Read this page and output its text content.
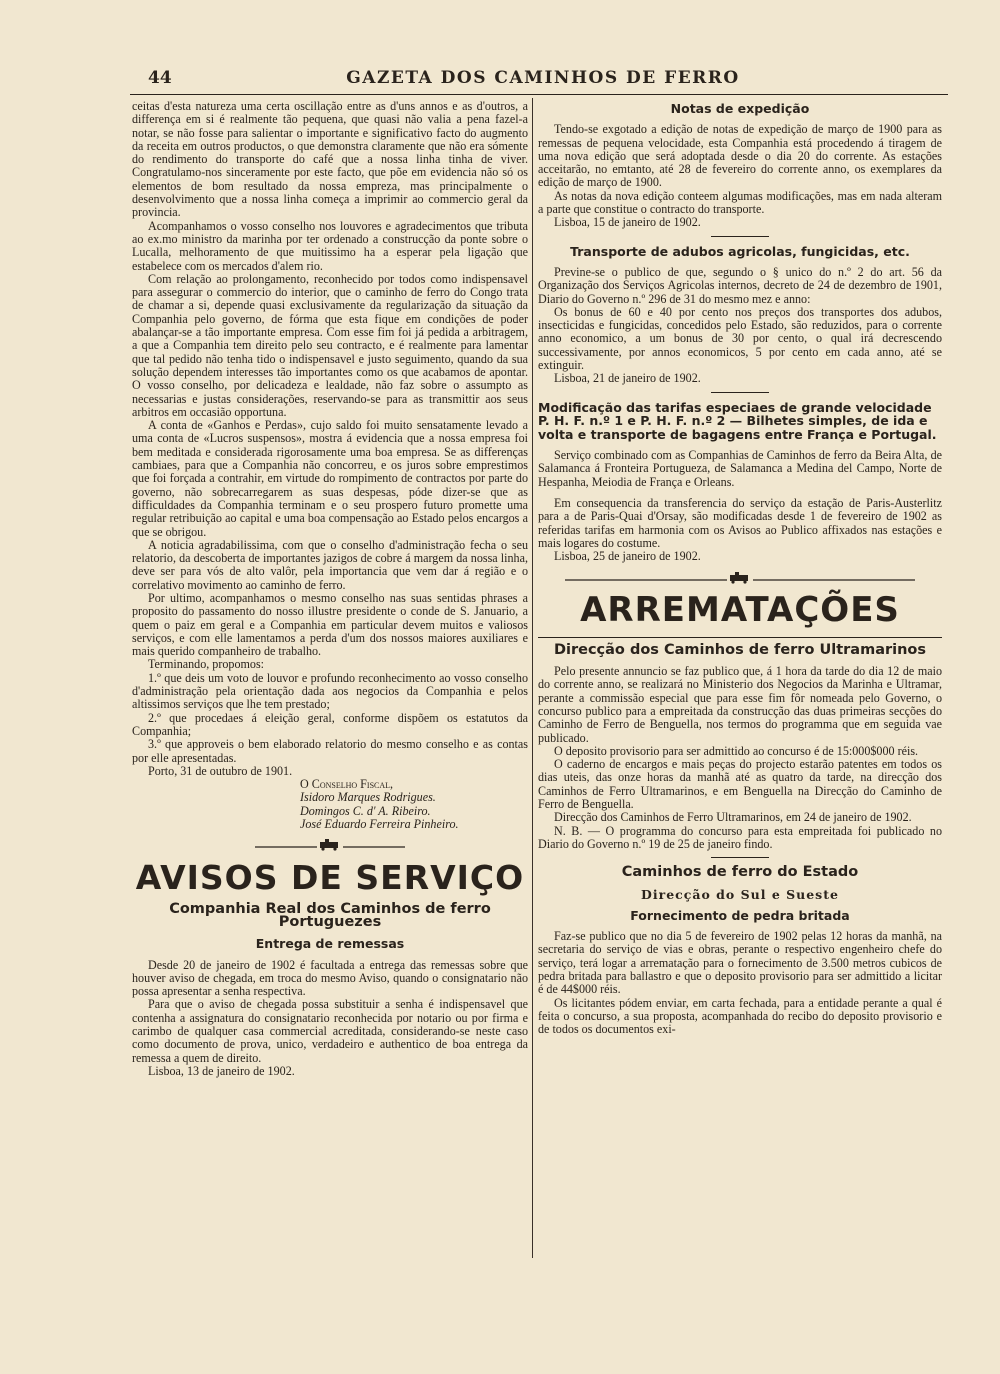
44	GAZETA DOS CAMINHOS DE FERRO

ceitas d'esta natureza uma certa oscillação entre as d'uns annos e as d'outros, a differença em si é realmente tão pequena, que quasi não valia a pena fazel-a notar, se não fosse para salientar o importante e significativo facto do augmento da receita em outros productos, o que demonstra claramente que não era sómente do rendimento do transporte do café que a nossa linha tinha de viver. Congratulamo-nos sinceramente por este facto, que põe em evidencia não só os elementos de bom resultado da nossa empreza, mas principalmente o desenvolvimento que a nossa linha começa a imprimir ao commercio geral da provincia.

Acompanhamos o vosso conselho nos louvores e agradecimentos que tributa ao ex.mo ministro da marinha por ter ordenado a construcção da ponte sobre o Lucalla, melhoramento de que muitissimo ha a esperar pela ligação que estabelece com os mercados d'alem rio.

Com relação ao prolongamento, reconhecido por todos como indispensavel para assegurar o commercio do interior, que o caminho de ferro do Congo trata de chamar a si, depende quasi exclusivamente da regularização da situação da Companhia pelo governo, de fórma que esta fique em condições de poder abalançar-se a tão importante empresa. Com esse fim foi já pedida a arbitragem, a que a Companhia tem direito pelo seu contracto, e é realmente para lamentar que tal pedido não tenha tido o indispensavel e justo seguimento, quando da sua solução dependem interesses tão importantes como os que acabamos de apontar. O vosso conselho, por delicadeza e lealdade, não faz sobre o assumpto as necessarias e justas considerações, reservando-se para as transmittir aos seus arbitros em occasião opportuna.

A conta de «Ganhos e Perdas», cujo saldo foi muito sensatamente levado a uma conta de «Lucros suspensos», mostra á evidencia que a nossa empresa foi bem meditada e considerada rigorosamente uma boa empresa. Se as differenças cambiaes, para que a Companhia não concorreu, e os juros sobre emprestimos que foi forçada a contrahir, em virtude do rompimento de contractos por parte do governo, não sobrecarregarem as suas despesas, póde dizer-se que as difficuldades da Companhia terminam e o seu prospero futuro promette uma regular retribuição ao capital e uma boa compensação ao Estado pelos encargos a que se obrigou.

A noticia agradabilissima, com que o conselho d'administração fecha o seu relatorio, da descoberta de importantes jazigos de cobre á margem da nossa linha, deve ser para vós de alto valôr, pela importancia que vem dar á região e o correlativo movimento ao caminho de ferro.

Por ultimo, acompanhamos o mesmo conselho nas suas sentidas phrases a proposito do passamento do nosso illustre presidente o conde de S. Januario, a quem o paiz em geral e a Companhia em particular devem muitos e valiosos serviços, e com elle lamentamos a perda d'um dos nossos maiores auxiliares e mais querido companheiro de trabalho.

Terminando, propomos:

1.º que deis um voto de louvor e profundo reconhecimento ao vosso conselho d'administração pela orientação dada aos negocios da Companhia e pelos altissimos serviços que lhe tem prestado;

2.º que procedaes á eleição geral, conforme dispõem os estatutos da Companhia;

3.º que approveis o bem elaborado relatorio do mesmo conselho e as contas por elle apresentadas.

Porto, 31 de outubro de 1901.

O Conselho Fiscal,
Isidoro Marques Rodrigues.
Domingos C. d' A. Ribeiro.
José Eduardo Ferreira Pinheiro.
AVISOS DE SERVIÇO
Companhia Real dos Caminhos de ferro Portuguezes
Entrega de remessas

Desde 20 de janeiro de 1902 é facultada a entrega das remessas sobre que houver aviso de chegada, em troca do mesmo Aviso, quando o consignatario não possa apresentar a senha respectiva.

Para que o aviso de chegada possa substituir a senha é indispensavel que contenha a assignatura do consignatario reconhecida por notario ou por firma e carimbo de qualquer casa commercial acreditada, considerando-se neste caso como documento de prova, unico, verdadeiro e authentico de boa entrega da remessa a quem de direito.

Lisboa, 13 de janeiro de 1902.

Notas de expedição

Tendo-se exgotado a edição de notas de expedição de março de 1900 para as remessas de pequena velocidade, esta Companhia está procedendo á tiragem de uma nova edição que será adoptada desde o dia 20 do corrente. As estações acceitarão, no emtanto, até 28 de fevereiro do corrente anno, os exemplares da edição de março de 1900.

As notas da nova edição conteem algumas modificações, mas em nada alteram a parte que constitue o contracto do transporte.

Lisboa, 15 de janeiro de 1902.

Transporte de adubos agricolas, fungicidas, etc.

Previne-se o publico de que, segundo o § unico do n.º 2 do art. 56 da Organização dos Serviços Agricolas internos, decreto de 24 de dezembro de 1901, Diario do Governo n.º 296 de 31 do mesmo mez e anno:

Os bonus de 60 e 40 por cento nos preços dos transportes dos adubos, insecticidas e fungicidas, concedidos pelo Estado, são reduzidos, para o corrente anno economico, a um bonus de 30 por cento, o qual irá decrescendo successivamente, por annos economicos, 5 por cento em cada anno, até se extinguir.

Lisboa, 21 de janeiro de 1902.

Modificação das tarifas especiaes de grande velocidade P. H. F. n.º 1 e P. H. F. n.º 2 — Bilhetes simples, de ida e volta e transporte de bagagens entre França e Portugal.

Serviço combinado com as Companhias de Caminhos de ferro da Beira Alta, de Salamanca á Fronteira Portugueza, de Salamanca a Medina del Campo, Norte de Hespanha, Meiodia de França e Orleans.

Em consequencia da transferencia do serviço da estação de Paris-Austerlitz para a de Paris-Quai d'Orsay, são modificadas desde 1 de fevereiro de 1902 as referidas tarifas em harmonia com os Avisos ao Publico affixados nas estações e mais logares do costume.

Lisboa, 25 de janeiro de 1902.

ARREMATAÇÕES
Direcção dos Caminhos de ferro Ultramarinos

Pelo presente annuncio se faz publico que, á 1 hora da tarde do dia 12 de maio do corrente anno, se realizará no Ministerio dos Negocios da Marinha e Ultramar, perante a commissão especial que para esse fim fôr nomeada pelo Governo, o concurso publico para a empreitada da construcção das duas primeiras secções do Caminho de Ferro de Benguella, nos termos do programma que em seguida vae publicado.

O deposito provisorio para ser admittido ao concurso é de 15:000$000 réis.

O caderno de encargos e mais peças do projecto estarão patentes em todos os dias uteis, das onze horas da manhã até as quatro da tarde, na direcção dos Caminhos de Ferro Ultramarinos, e em Benguella na Direcção do Caminho de Ferro de Benguella.

Direcção dos Caminhos de Ferro Ultramarinos, em 24 de janeiro de 1902.

N. B. — O programma do concurso para esta empreitada foi publicado no Diario do Governo n.º 19 de 25 de janeiro findo.

Caminhos de ferro do Estado
Direcção do Sul e Sueste
Fornecimento de pedra britada

Faz-se publico que no dia 5 de fevereiro de 1902 pelas 12 horas da manhã, na secretaria do serviço de vias e obras, perante o respectivo engenheiro chefe do serviço, terá logar a arrematação para o fornecimento de 3.500 metros cubicos de pedra britada para ballastro e que o deposito provisorio para ser admittido a licitar é de 44$000 réis.

Os licitantes pódem enviar, em carta fechada, para a entidade perante a qual é feita o concurso, a sua proposta, acompanhada do recibo do deposito provisorio e de todos os documentos exi-
